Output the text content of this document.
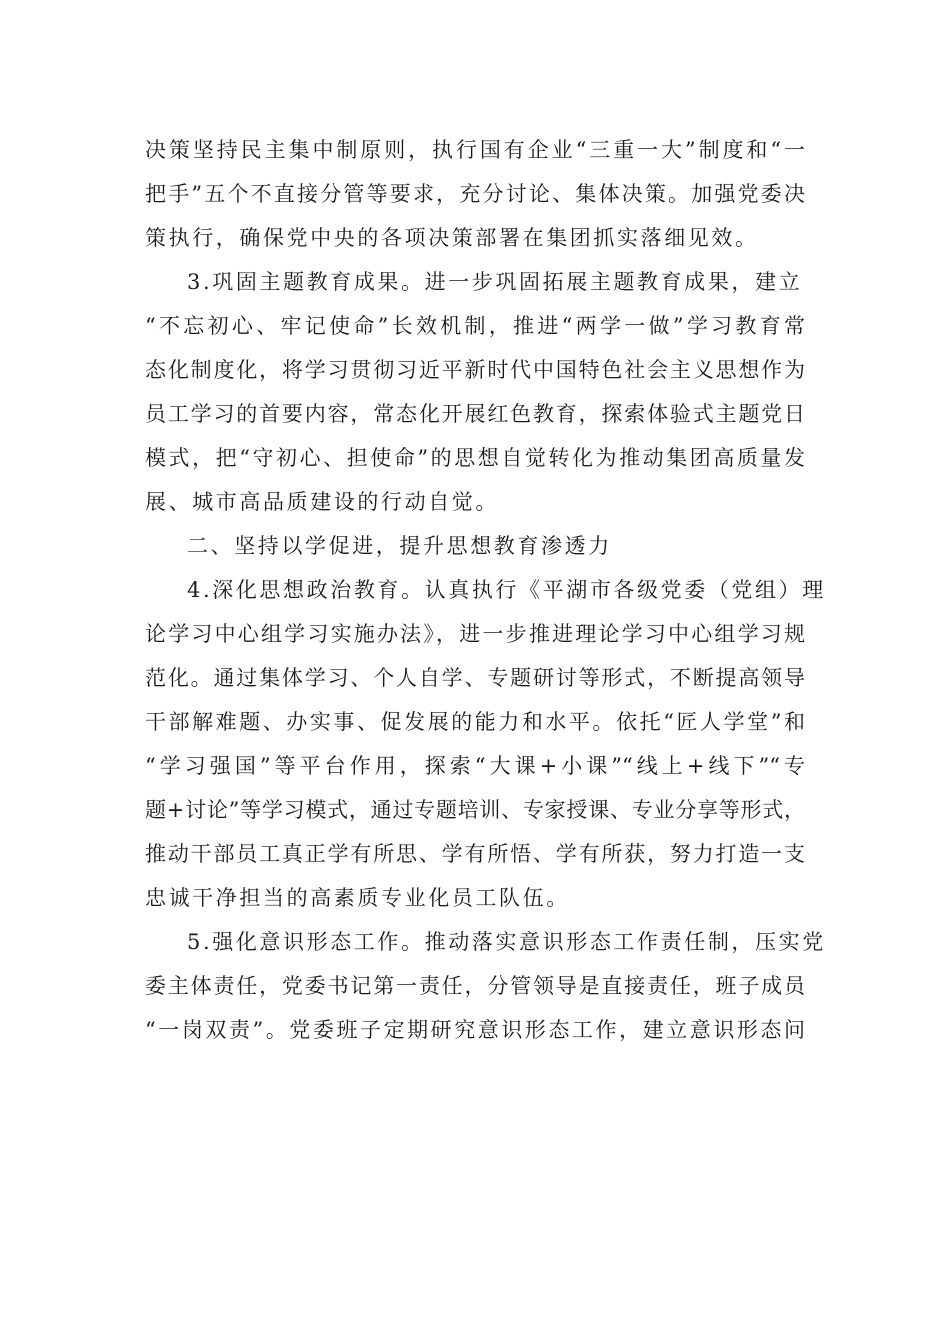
决策坚持民主集中制原则，执行国有企业“三重一大”制度和“一
把手”五个不直接分管等要求，充分讨论、集体决策。加强党委决
策执行，确保党中央的各项决策部署在集团抓实落细见效。
3.巩固主题教育成果。进一步巩固拓展主题教育成果，建立
“不忘初心、牢记使命”长效机制，推进“两学一做”学习教育常
态化制度化，将学习贯彻习近平新时代中国特色社会主义思想作为
员工学习的首要内容，常态化开展红色教育，探索体验式主题党日
模式，把“守初心、担使命”的思想自觉转化为推动集团高质量发
展、城市高品质建设的行动自觉。
二、坚持以学促进，提升思想教育渗透力
4.深化思想政治教育。认真执行《平湖市各级党委（党组）理
论学习中心组学习实施办法》，进一步推进理论学习中心组学习规
范化。通过集体学习、个人自学、专题研讨等形式，不断提高领导
干部解难题、办实事、促发展的能力和水平。依托“匠人学堂”和
“学习强国”等平台作用，探索“大课+小课”“线上+线下”“专
题+讨论”等学习模式，通过专题培训、专家授课、专业分享等形式，
推动干部员工真正学有所思、学有所悟、学有所获，努力打造一支
忠诚干净担当的高素质专业化员工队伍。
5.强化意识形态工作。推动落实意识形态工作责任制，压实党
委主体责任，党委书记第一责任，分管领导是直接责任，班子成员
“一岗双责”。党委班子定期研究意识形态工作，建立意识形态问
